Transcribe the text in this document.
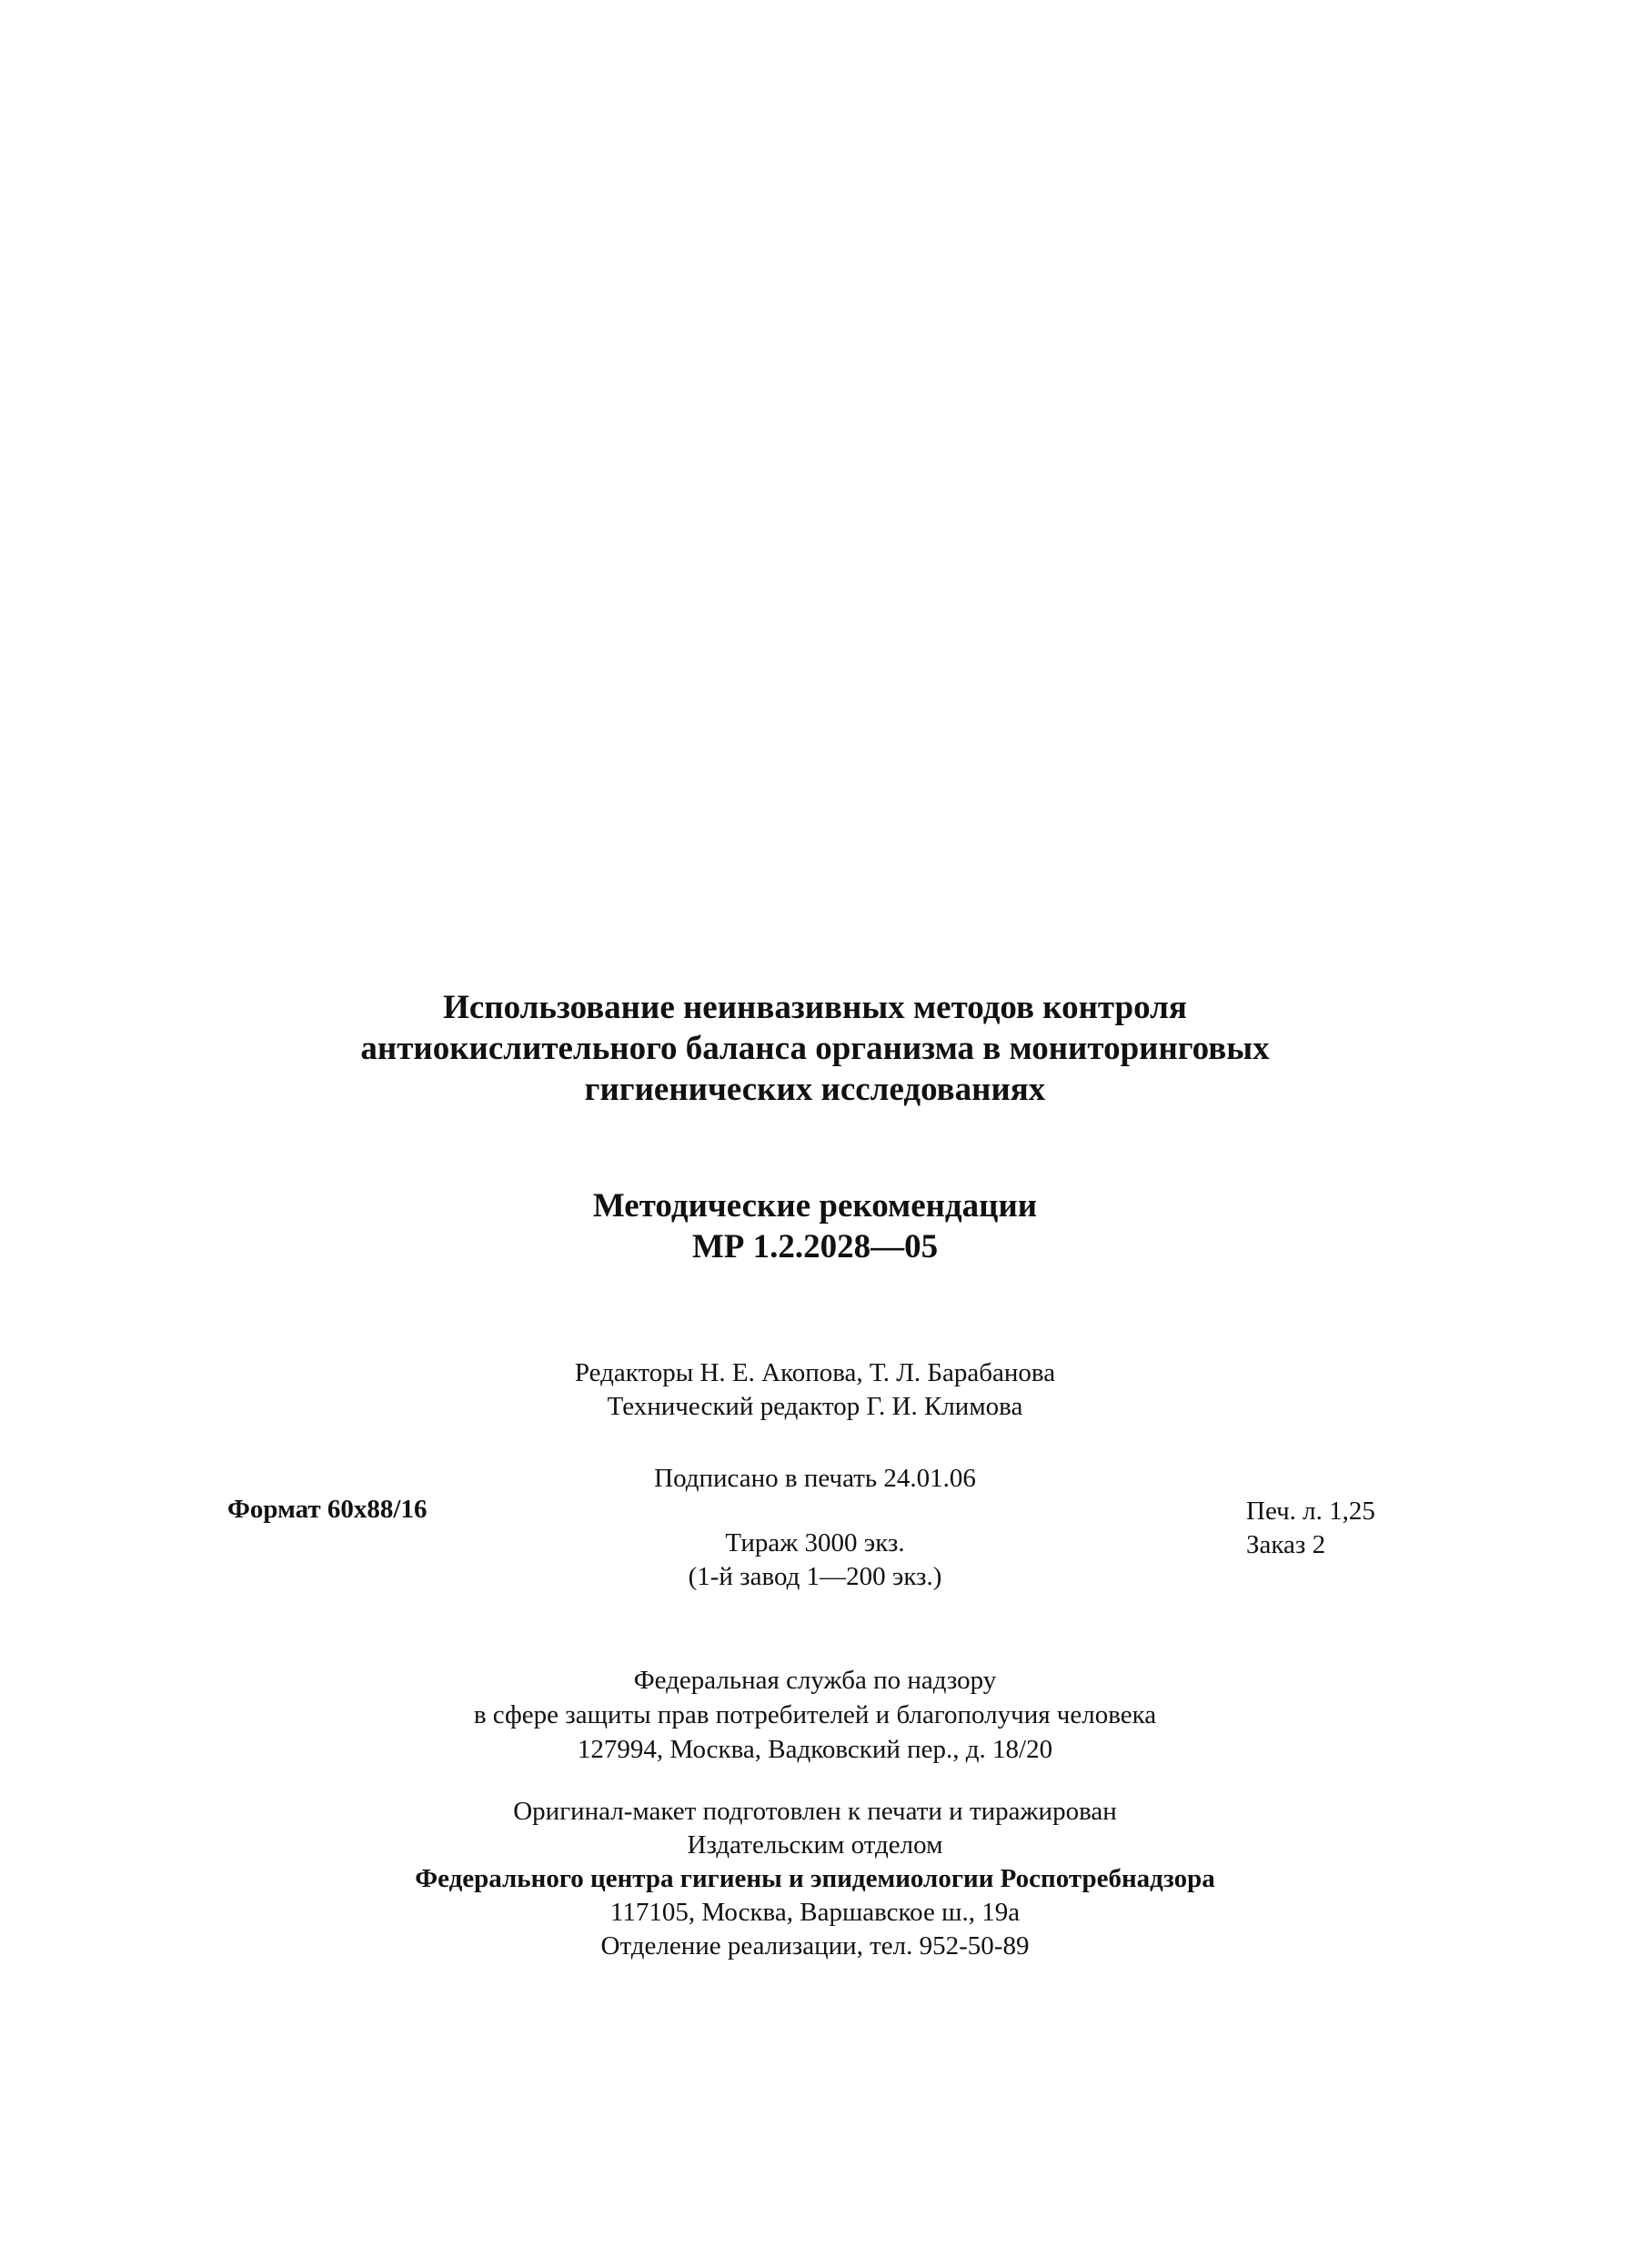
Использование неинвазивных методов контроля
антиокислительного баланса организма в мониторинговых
гигиенических исследованиях
Методические рекомендации
МР 1.2.2028—05
Редакторы Н. Е. Акопова, Т. Л. Барабанова
Технический редактор Г. И. Климова
Подписано в печать 24.01.06
Формат 60x88/16	Печ. л. 1,25
Заказ 2
Тираж 3000 экз.
(1-й завод 1—200 экз.)
Федеральная служба по надзору
в сфере защиты прав потребителей и благополучия человека
127994, Москва, Вадковский пер., д. 18/20
Оригинал-макет подготовлен к печати и тиражирован
Издательским отделом
Федерального центра гигиены и эпидемиологии Роспотребнадзора
117105, Москва, Варшавское ш., 19а
Отделение реализации, тел. 952-50-89
